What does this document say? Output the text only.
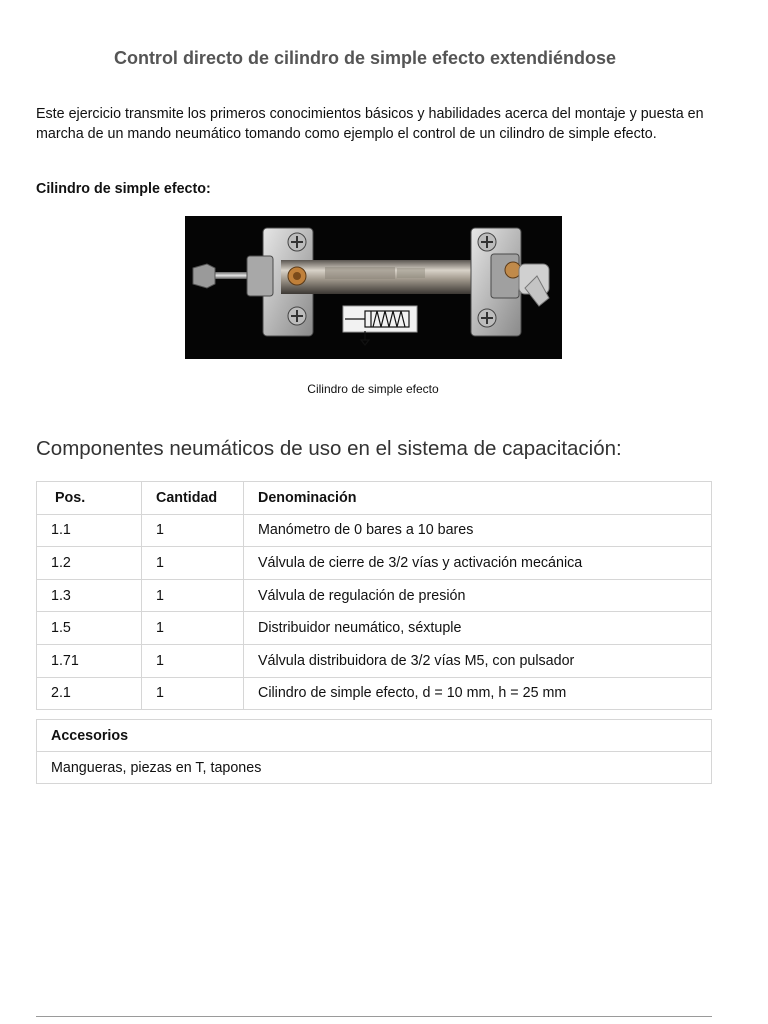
Control directo de cilindro de simple efecto extendiéndose
Este ejercicio transmite los primeros conocimientos básicos y habilidades acerca del montaje y puesta en marcha de un mando neumático tomando como ejemplo el control de un cilindro de simple efecto.
Cilindro de simple efecto:
Cilindro de simple efecto
Componentes neumáticos de uso en el sistema de capacitación:
Pos.	Cantidad	Denominación
1.1	1	Manómetro de 0 bares a 10 bares
1.2	1	Válvula de cierre de 3/2 vías y activación mecánica
1.3	1	Válvula de regulación de presión
1.5	1	Distribuidor neumático, séxtuple
1.71	1	Válvula distribuidora de 3/2 vías M5, con pulsador
2.1	1	Cilindro de simple efecto, d = 10 mm, h = 25 mm
Accesorios
Mangueras, piezas en T, tapones
